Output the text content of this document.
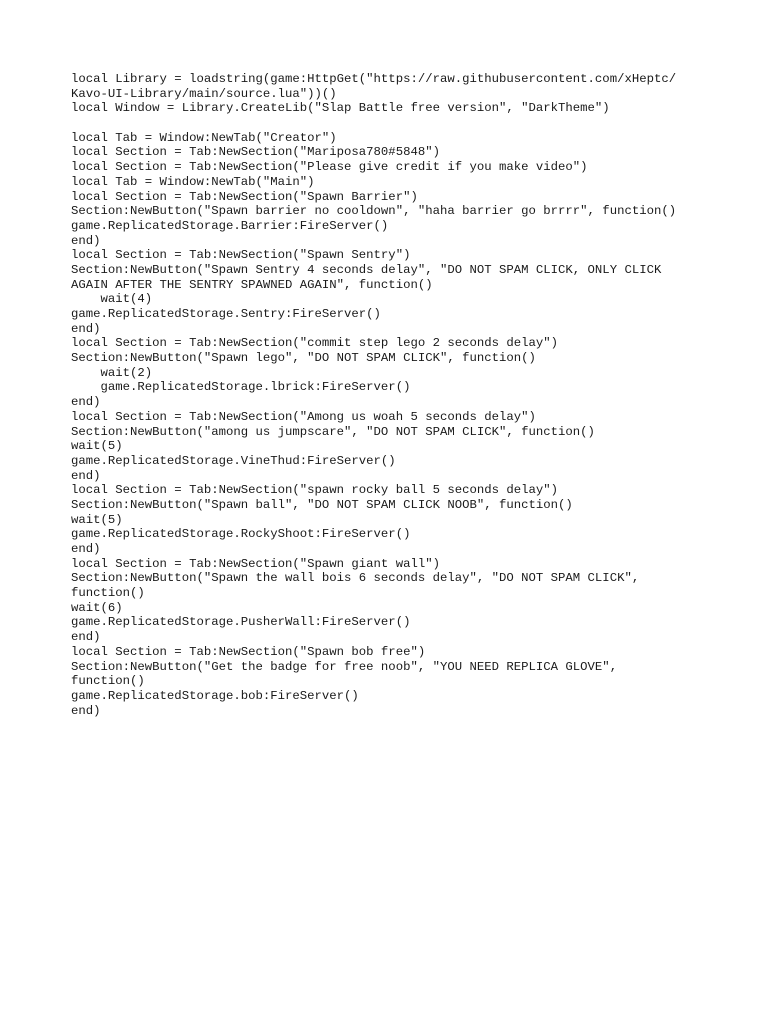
local Library = loadstring(game:HttpGet("https://raw.githubusercontent.com/xHeptc/
Kavo-UI-Library/main/source.lua"))()
local Window = Library.CreateLib("Slap Battle free version", "DarkTheme")
local Tab = Window:NewTab("Creator")
local Section = Tab:NewSection("Mariposa780#5848")
local Section = Tab:NewSection("Please give credit if you make video")
local Tab = Window:NewTab("Main")
local Section = Tab:NewSection("Spawn Barrier")
Section:NewButton("Spawn barrier no cooldown", "haha barrier go brrrr", function()
game.ReplicatedStorage.Barrier:FireServer()
end)
local Section = Tab:NewSection("Spawn Sentry")
Section:NewButton("Spawn Sentry 4 seconds delay", "DO NOT SPAM CLICK, ONLY CLICK
AGAIN AFTER THE SENTRY SPAWNED AGAIN", function()
wait(4)
game.ReplicatedStorage.Sentry:FireServer()
end)
local Section = Tab:NewSection("commit step lego 2 seconds delay")
Section:NewButton("Spawn lego", "DO NOT SPAM CLICK", function()
wait(2)
game.ReplicatedStorage.lbrick:FireServer()
end)
local Section = Tab:NewSection("Among us woah 5 seconds delay")
Section:NewButton("among us jumpscare", "DO NOT SPAM CLICK", function()
wait(5)
game.ReplicatedStorage.VineThud:FireServer()
end)
local Section = Tab:NewSection("spawn rocky ball 5 seconds delay")
Section:NewButton("Spawn ball", "DO NOT SPAM CLICK NOOB", function()
wait(5)
game.ReplicatedStorage.RockyShoot:FireServer()
end)
local Section = Tab:NewSection("Spawn giant wall")
Section:NewButton("Spawn the wall bois 6 seconds delay", "DO NOT SPAM CLICK",
function()
wait(6)
game.ReplicatedStorage.PusherWall:FireServer()
end)
local Section = Tab:NewSection("Spawn bob free")
Section:NewButton("Get the badge for free noob", "YOU NEED REPLICA GLOVE",
function()
game.ReplicatedStorage.bob:FireServer()
end)
